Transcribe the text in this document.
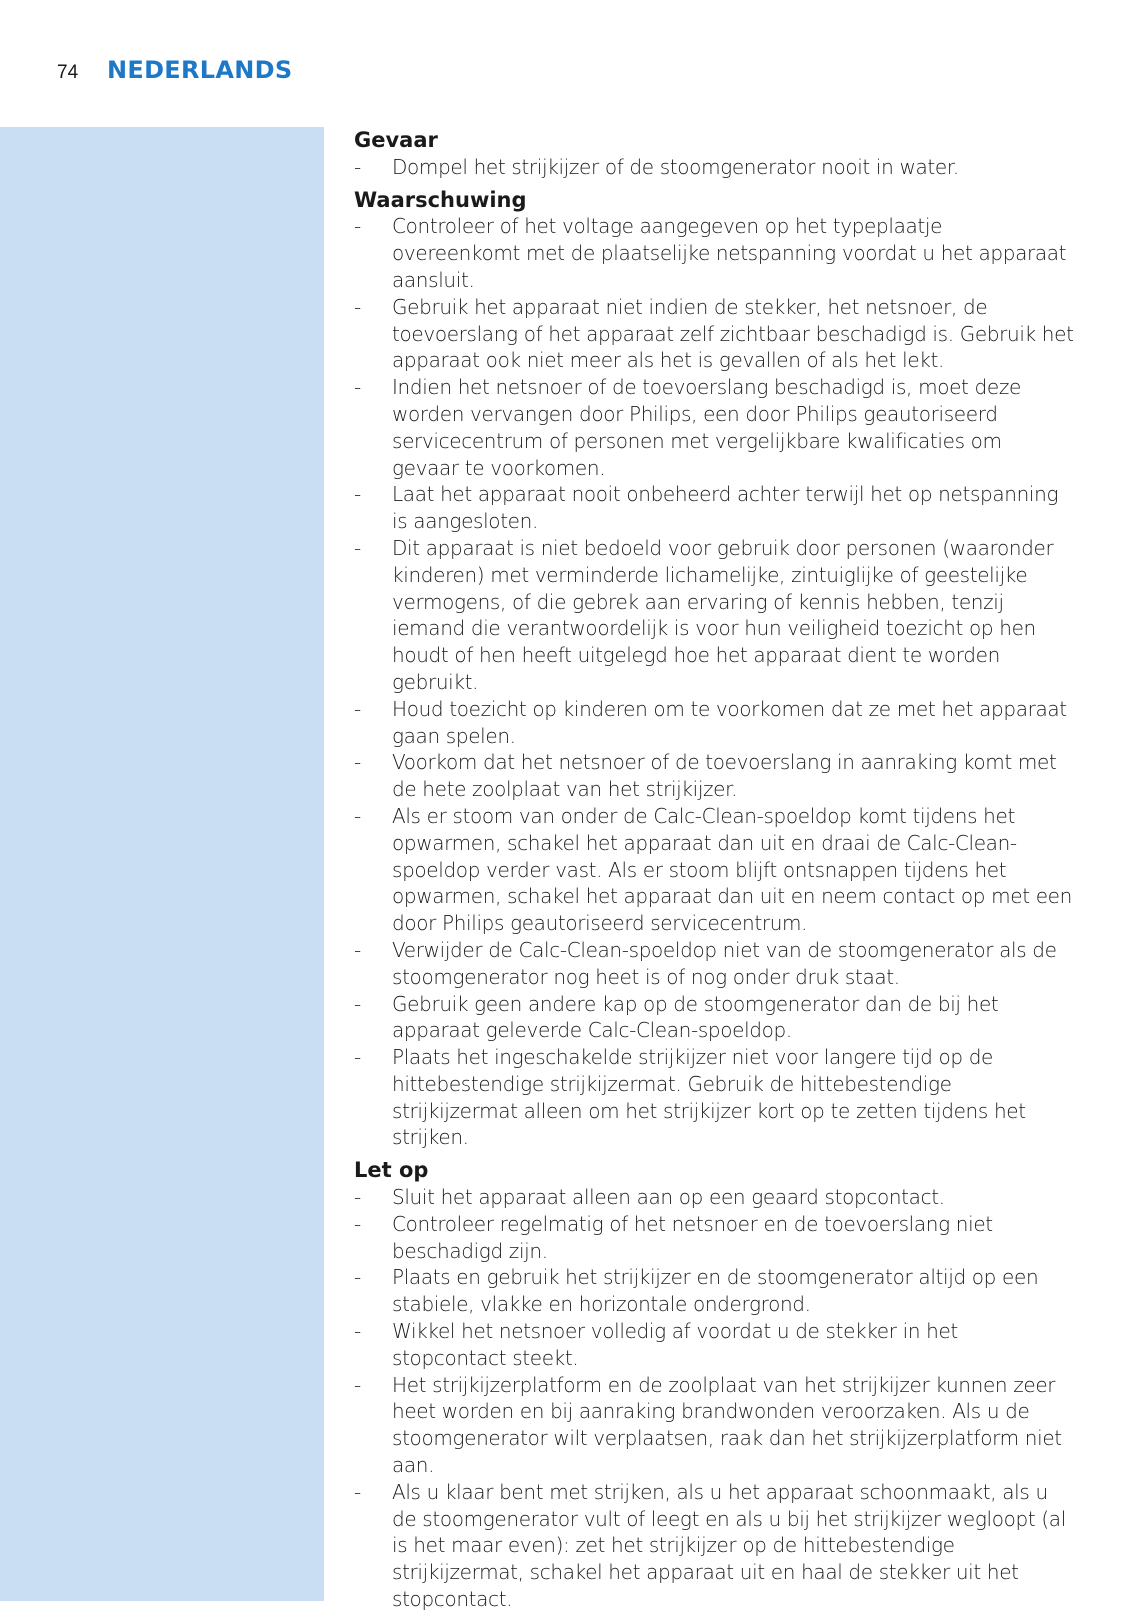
74 NEDERLANDS
Gevaar
- Dompel het strijkijzer of de stoomgenerator nooit in water.
Waarschuwing
- Controleer of het voltage aangegeven op het typeplaatje overeenkomt met de plaatselijke netspanning voordat u het apparaat aansluit.
- Gebruik het apparaat niet indien de stekker, het netsnoer, de toevoerslang of het apparaat zelf zichtbaar beschadigd is. Gebruik het apparaat ook niet meer als het is gevallen of als het lekt.
- Indien het netsnoer of de toevoerslang beschadigd is, moet deze worden vervangen door Philips, een door Philips geautoriseerd servicecentrum of personen met vergelijkbare kwalificaties om gevaar te voorkomen.
- Laat het apparaat nooit onbeheerd achter terwijl het op netspanning is aangesloten.
- Dit apparaat is niet bedoeld voor gebruik door personen (waaronder kinderen) met verminderde lichamelijke, zintuiglijke of geestelijke vermogens, of die gebrek aan ervaring of kennis hebben, tenzij iemand die verantwoordelijk is voor hun veiligheid toezicht op hen houdt of hen heeft uitgelegd hoe het apparaat dient te worden gebruikt.
- Houd toezicht op kinderen om te voorkomen dat ze met het apparaat gaan spelen.
- Voorkom dat het netsnoer of de toevoerslang in aanraking komt met de hete zoolplaat van het strijkijzer.
- Als er stoom van onder de Calc-Clean-spoeldop komt tijdens het opwarmen, schakel het apparaat dan uit en draai de Calc-Clean-spoeldop verder vast. Als er stoom blijft ontsnappen tijdens het opwarmen, schakel het apparaat dan uit en neem contact op met een door Philips geautoriseerd servicecentrum.
- Verwijder de Calc-Clean-spoeldop niet van de stoomgenerator als de stoomgenerator nog heet is of nog onder druk staat.
- Gebruik geen andere kap op de stoomgenerator dan de bij het apparaat geleverde Calc-Clean-spoeldop.
- Plaats het ingeschakelde strijkijzer niet voor langere tijd op de hittebestendige strijkijzermat. Gebruik de hittebestendige strijkijzermat alleen om het strijkijzer kort op te zetten tijdens het strijken.
Let op
- Sluit het apparaat alleen aan op een geaard stopcontact.
- Controleer regelmatig of het netsnoer en de toevoerslang niet beschadigd zijn.
- Plaats en gebruik het strijkijzer en de stoomgenerator altijd op een stabiele, vlakke en horizontale ondergrond.
- Wikkel het netsnoer volledig af voordat u de stekker in het stopcontact steekt.
- Het strijkijzerplatform en de zoolplaat van het strijkijzer kunnen zeer heet worden en bij aanraking brandwonden veroorzaken. Als u de stoomgenerator wilt verplaatsen, raak dan het strijkijzerplatform niet aan.
- Als u klaar bent met strijken, als u het apparaat schoonmaakt, als u de stoomgenerator vult of leegt en als u bij het strijkijzer wegloopt (al is het maar even): zet het strijkijzer op de hittebestendige strijkijzermat, schakel het apparaat uit en haal de stekker uit het stopcontact.
